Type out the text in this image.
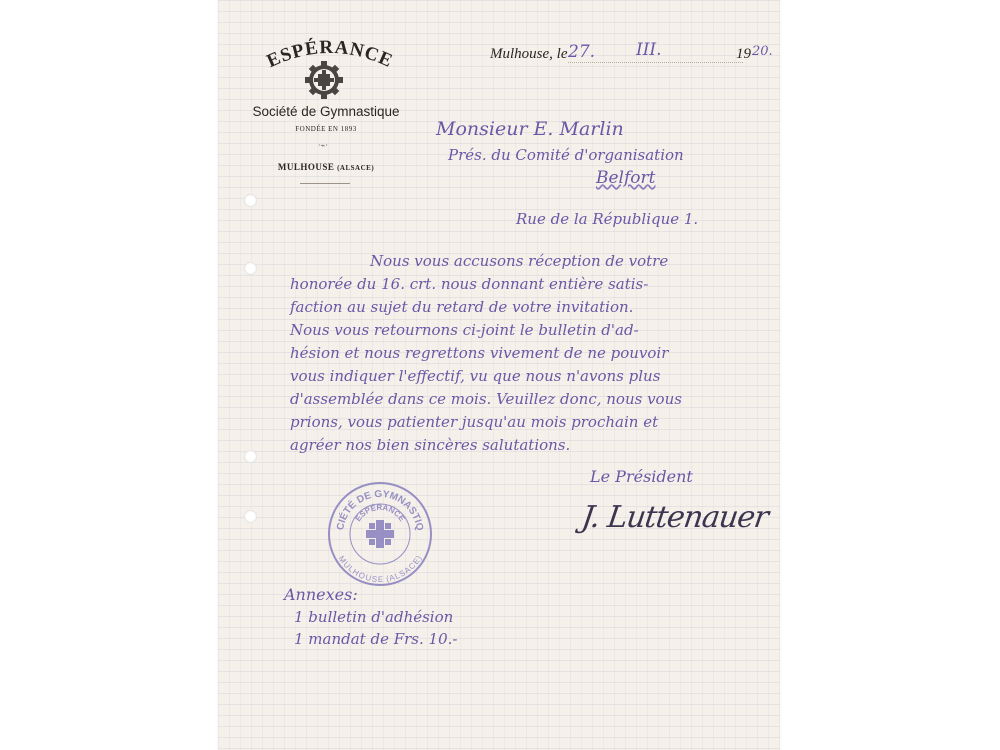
ESPÉRANCE
Société de Gymnastique
FONDÉE EN 1893
·⌁·
MULHOUSE (ALSACE)
Mulhouse, le 27. III.	19 20.
Monsieur E. Marlin
Prés. du Comité d'organisation
Belfort
Rue de la République 1.
Nous vous accusons réception de votre
honorée du 16. crt. nous donnant entière satis-
faction au sujet du retard de votre invitation.
Nous vous retournons ci-joint le bulletin d'ad-
hésion et nous regrettons vivement de ne pouvoir
vous indiquer l'effectif, vu que nous n'avons plus
d'assemblée dans ce mois. Veuillez donc, nous vous
prions, vous patienter jusqu'au mois prochain et
agréer nos bien sincères salutations.
Le Président
J. Luttenauer
CIÉTÉ DE GYMNASTIQ
ESPÉRANCE
MULHOUSE (ALSACE)
Annexes:
1 bulletin d'adhésion
1 mandat de Frs. 10.-
